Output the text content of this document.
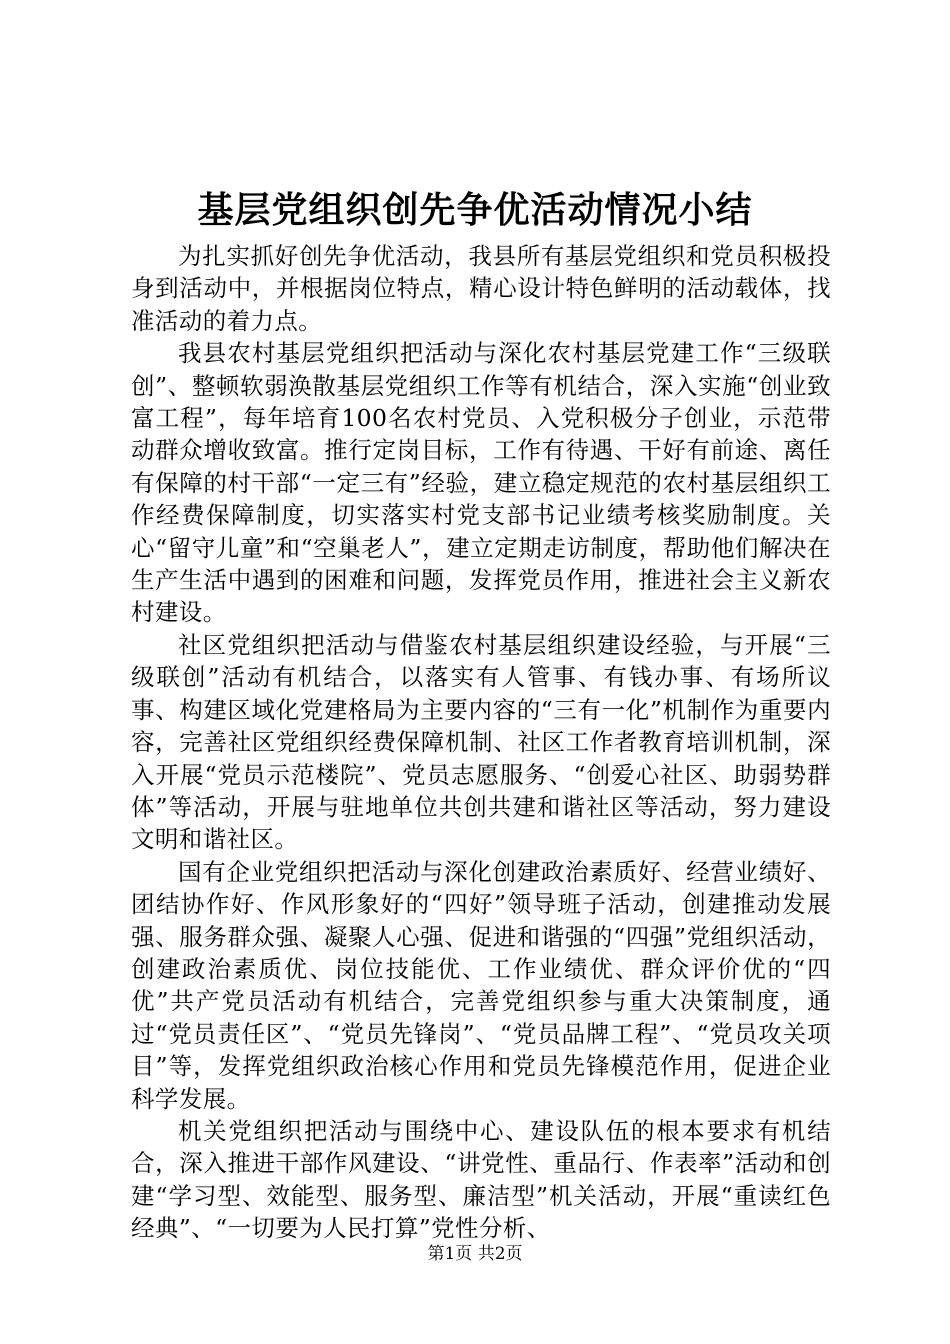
基层党组织创先争优活动情况小结

为扎实抓好创先争优活动，我县所有基层党组织和党员积极投身到活动中，并根据岗位特点，精心设计特色鲜明的活动载体，找准活动的着力点。

我县农村基层党组织把活动与深化农村基层党建工作“三级联创”、整顿软弱涣散基层党组织工作等有机结合，深入实施“创业致富工程”，每年培育100名农村党员、入党积极分子创业，示范带动群众增收致富。推行定岗目标，工作有待遇、干好有前途、离任有保障的村干部“一定三有”经验，建立稳定规范的农村基层组织工作经费保障制度，切实落实村党支部书记业绩考核奖励制度。关心“留守儿童”和“空巢老人”，建立定期走访制度，帮助他们解决在生产生活中遇到的困难和问题，发挥党员作用，推进社会主义新农村建设。

社区党组织把活动与借鉴农村基层组织建设经验，与开展“三级联创”活动有机结合，以落实有人管事、有钱办事、有场所议事、构建区域化党建格局为主要内容的“三有一化”机制作为重要内容，完善社区党组织经费保障机制、社区工作者教育培训机制，深入开展“党员示范楼院”、党员志愿服务、“创爱心社区、助弱势群体”等活动，开展与驻地单位共创共建和谐社区等活动，努力建设文明和谐社区。

国有企业党组织把活动与深化创建政治素质好、经营业绩好、团结协作好、作风形象好的“四好”领导班子活动，创建推动发展强、服务群众强、凝聚人心强、促进和谐强的“四强”党组织活动，创建政治素质优、岗位技能优、工作业绩优、群众评价优的“四优”共产党员活动有机结合，完善党组织参与重大决策制度，通过“党员责任区”、“党员先锋岗”、“党员品牌工程”、“党员攻关项目”等，发挥党组织政治核心作用和党员先锋模范作用，促进企业科学发展。

机关党组织把活动与围绕中心、建设队伍的根本要求有机结合，深入推进干部作风建设、“讲党性、重品行、作表率”活动和创建“学习型、效能型、服务型、廉洁型”机关活动，开展“重读红色经典”、“一切要为人民打算”党性分析、

第1页 共2页
